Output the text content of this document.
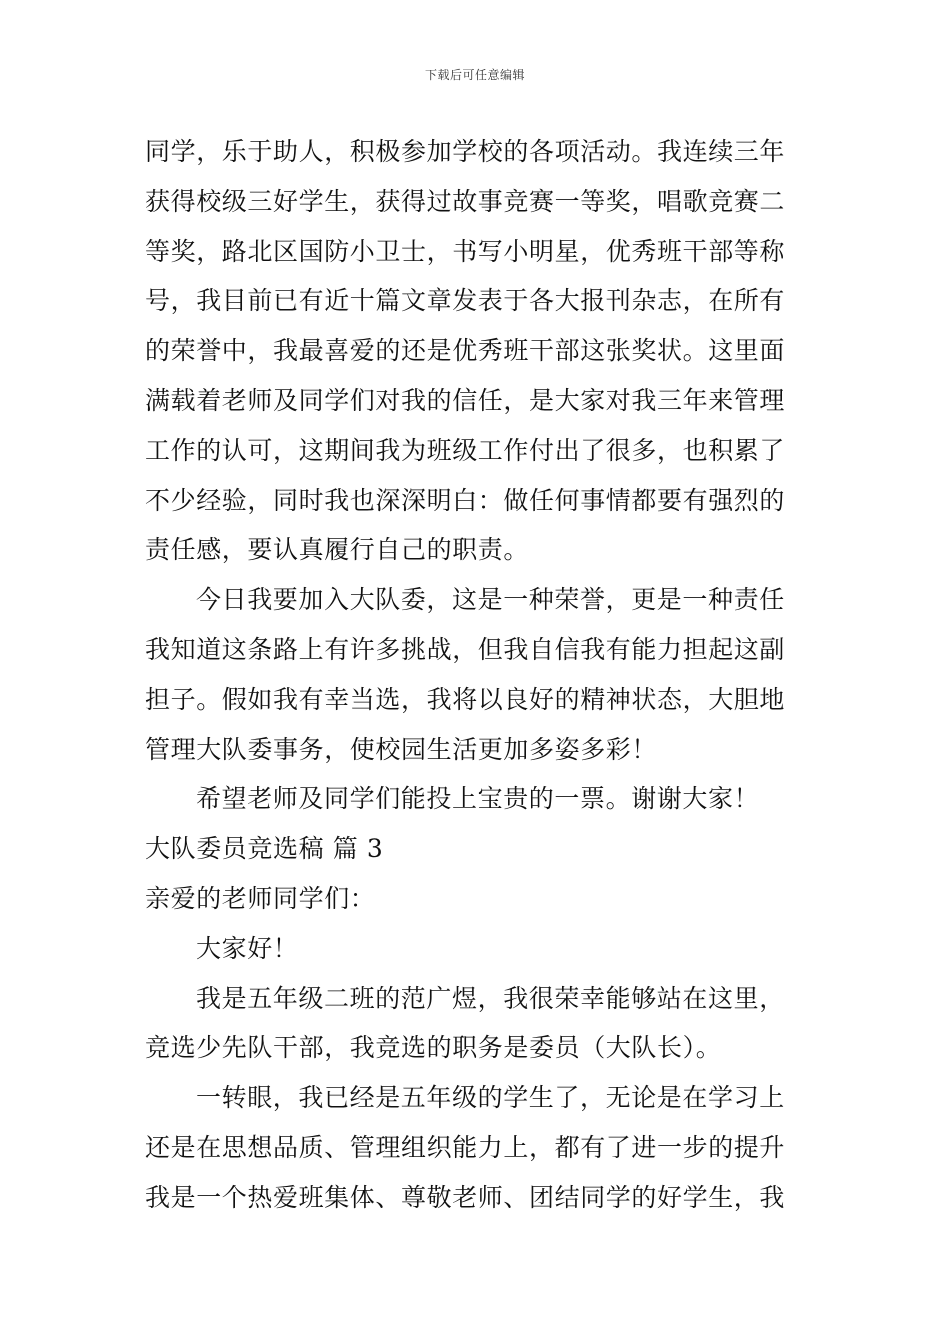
下载后可任意编辑
同学，乐于助人，积极参加学校的各项活动。我连续三年
获得校级三好学生，获得过故事竞赛一等奖，唱歌竞赛二
等奖，路北区国防小卫士，书写小明星，优秀班干部等称
号，我目前已有近十篇文章发表于各大报刊杂志，在所有
的荣誉中，我最喜爱的还是优秀班干部这张奖状。这里面
满载着老师及同学们对我的信任，是大家对我三年来管理
工作的认可，这期间我为班级工作付出了很多，也积累了
不少经验，同时我也深深明白：做任何事情都要有强烈的
责任感，要认真履行自己的职责。
今日我要加入大队委，这是一种荣誉，更是一种责任
我知道这条路上有许多挑战，但我自信我有能力担起这副
担子。假如我有幸当选，我将以良好的精神状态，大胆地
管理大队委事务，使校园生活更加多姿多彩！
希望老师及同学们能投上宝贵的一票。谢谢大家！
大队委员竞选稿 篇 3
亲爱的老师同学们：
大家好！
我是五年级二班的范广煜，我很荣幸能够站在这里，
竞选少先队干部，我竞选的职务是委员（大队长）。
一转眼，我已经是五年级的学生了，无论是在学习上
还是在思想品质、管理组织能力上，都有了进一步的提升
我是一个热爱班集体、尊敬老师、团结同学的好学生，我
